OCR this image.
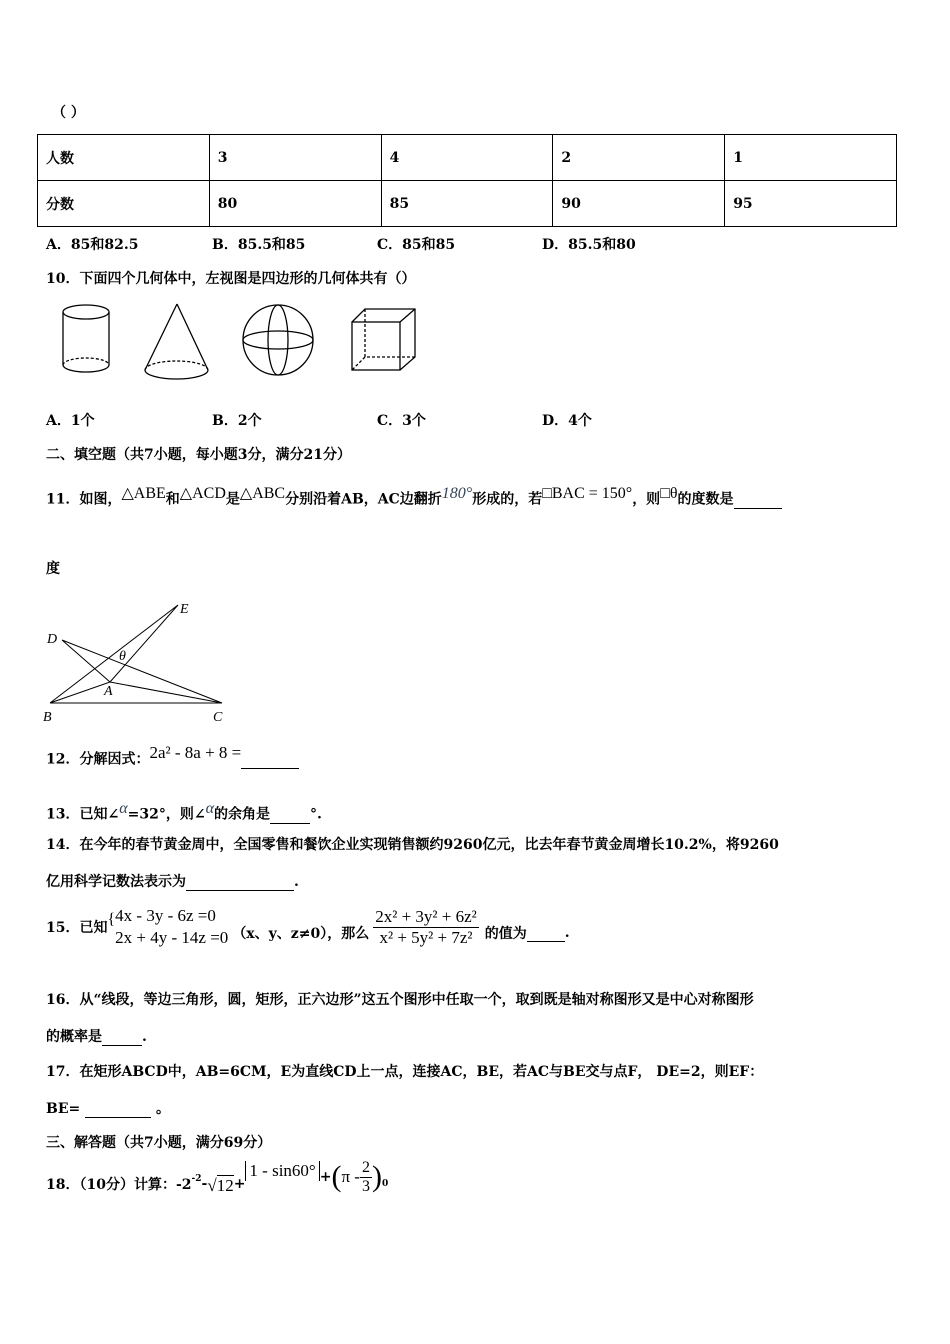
（ ）
人数	3	4	2	1
分数	80	85	90	95
A．85和82.5	B．85.5和85	C．85和85	D．85.5和80
10．下面四个几何体中，左视图是四边形的几何体共有（）
A．1个	B．2个	C．3个	D．4个
二、填空题（共7小题，每小题3分，满分21分）
11．如图，$^{\triangle ABE}$和$^{\triangle ACD}$是$^{\triangle ABC}$分别沿着AB，AC边翻折$^{180^\circ}$形成的，若$^{□BAC = 150^\circ}$，则$^{□\theta}$的度数是
度
B	C
A
D
E
θ
12．分解因式：$^{2a^2 - 8a + 8 =}$
13．已知∠$^\alpha$=32°，则∠$^\alpha$的余角是	°.
14．在今年的春节黄金周中，全国零售和餐饮企业实现销售额约9260亿元，比去年春节黄金周增长10.2%，将9260
亿用科学记数法表示为	.
15．已知 { 4x - 3y - 6z =0
2x + 4y - 14z =0 （x、y、z≠0），那么 $\frac{\text{2x² + 3y² + 6z²}}{\text{x² + 5y² + 7z²}}$ 的值为
	.
16．从“线段，等边三角形，圆，矩形，正六边形”这五个图形中任取一个，取到既是轴对称图形又是中心对称图形
的概率是	.
17．在矩形ABCD中，AB=6CM，E为直线CD上一点，连接AC，BE，若AC与BE交与点F， DE=2，则EF：
BE=	。
三、解答题（共7小题，满分69分）
18．（10分）计算：$-2^{-2} - √12$ +
1 - sin60° + ( π - $\frac{2}{3} )_0$
